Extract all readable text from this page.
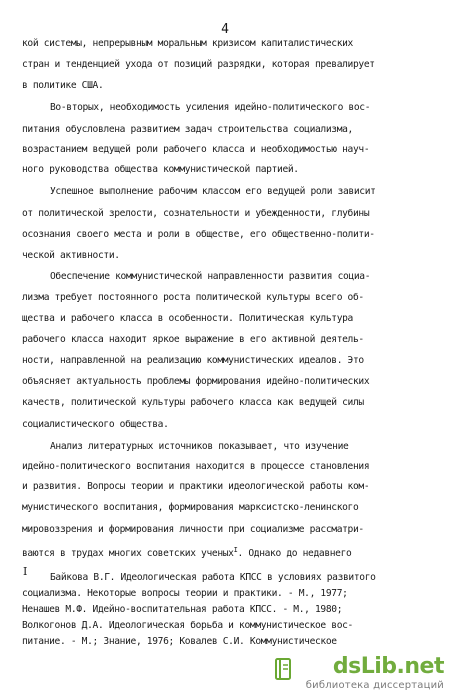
4
кой системы, непрерывным моральным кризисом капиталистических
стран и тенденцией ухода от позиций разрядки, которая превалирует
в политике США.
Во-вторых, необходимость усиления идейно-политического вос-
питания обусловлена развитием задач строительства социализма,
возрастанием ведущей роли рабочего класса и необходимостью науч-
ного руководства общества коммунистической партией.
Успешное выполнение рабочим классом его ведущей роли зависит
от политической зрелости, сознательности и убежденности, глубины
осознания своего места и роли в обществе, его общественно-полити-
ческой активности.
Обеспечение коммунистической направленности развития социа-
лизма требует постоянного роста политической культуры всего об-
щества и рабочего класса в особенности. Политическая культура
рабочего класса находит яркое выражение в его активной деятель-
ности, направленной на реализацию коммунистических идеалов. Это
объясняет актуальность проблемы формирования идейно-политических
качеств, политической культуры рабочего класса как ведущей силы
социалистического общества.
Анализ литературных источников показывает, что изучение
идейно-политического воспитания находится в процессе становления
и развития. Вопросы теории и практики идеологической работы ком-
мунистического воспитания, формирования марксистско-ленинского
мировоззрения и формирования личности при социализме рассматри-
ваются в трудах многих советских ученых$^I$. Однако до недавнего
I Байкова В.Г. Идеологическая работа КПСС в условиях развитого
социализма. Некоторые вопросы теории и практики. - М., 1977;
Ненашев М.Ф. Идейно-воспитательная работа КПСС. - М., 1980;
Волкогонов Д.А. Идеологическая борьба и коммунистическое вос-
питание. - М.; Знание, 1976; Ковалев С.И. Коммунистическое
dsLib.net
библиотека диссертаций
